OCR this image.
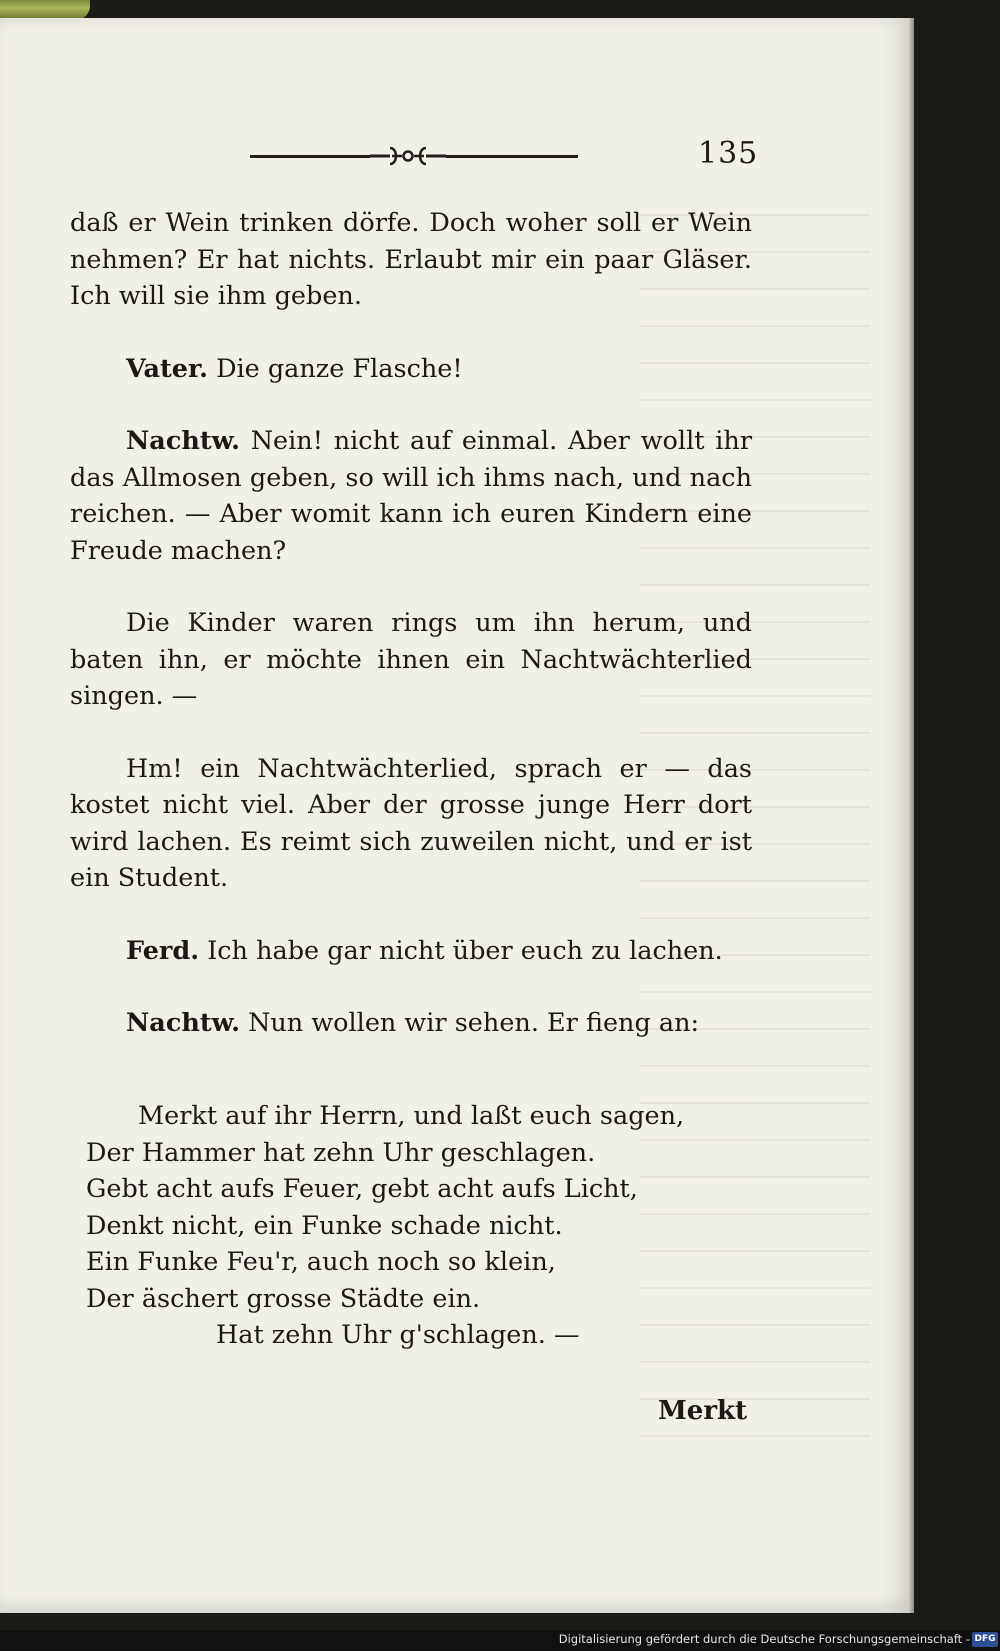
135

daß er Wein trinken dörfe. Doch woher soll er Wein nehmen? Er hat nichts. Erlaubt mir ein paar Gläser. Ich will sie ihm geben.

Vater. Die ganze Flasche!

Nachtw. Nein! nicht auf einmal. Aber wollt ihr das Allmosen geben, so will ich ihms nach, und nach reichen. — Aber womit kann ich euren Kindern eine Freude machen?

Die Kinder waren rings um ihn herum, und baten ihn, er möchte ihnen ein Nachtwächterlied singen. —

Hm! ein Nachtwächterlied, sprach er — das kostet nicht viel. Aber der grosse junge Herr dort wird lachen. Es reimt sich zuweilen nicht, und er ist ein Student.

Ferd. Ich habe gar nicht über euch zu lachen.

Nachtw. Nun wollen wir sehen. Er fieng an:

Merkt auf ihr Herrn, und laßt euch sagen,
Der Hammer hat zehn Uhr geschlagen.
Gebt acht aufs Feuer, gebt acht aufs Licht,
Denkt nicht, ein Funke schade nicht.
Ein Funke Feu'r, auch noch so klein,
Der äschert grosse Städte ein.
Hat zehn Uhr g'schlagen. —
Merkt
Digitalisierung gefördert durch die Deutsche Forschungsgemeinschaft - DFG
